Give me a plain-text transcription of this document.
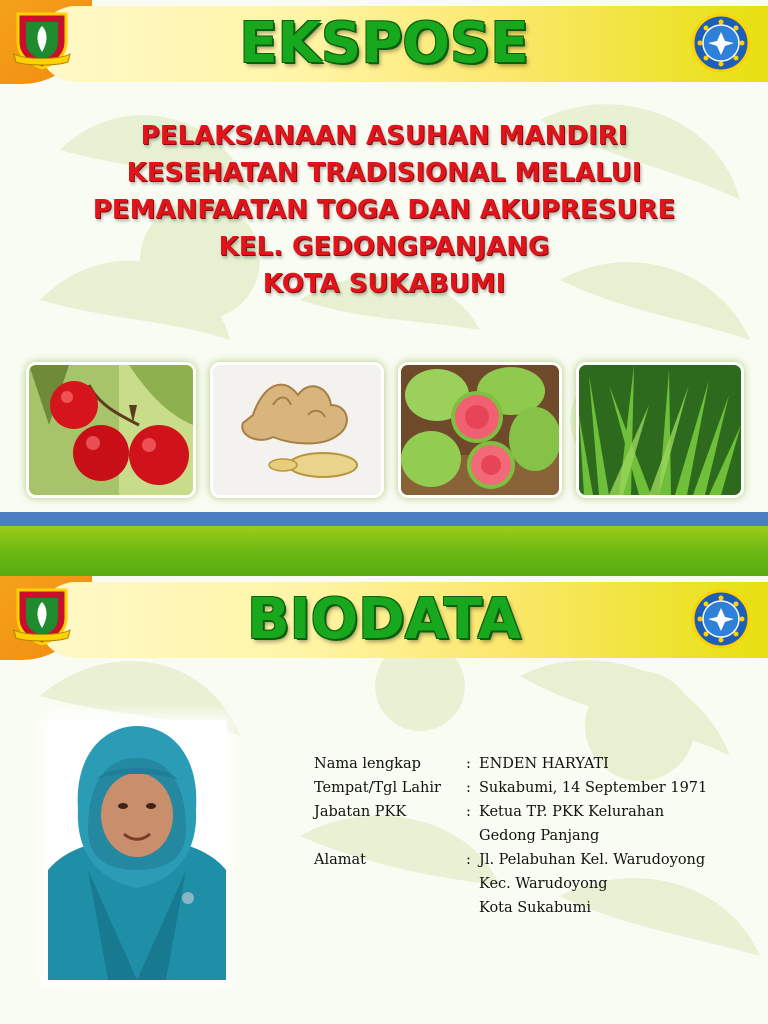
EKSPOSE
PELAKSANAAN ASUHAN MANDIRI
KESEHATAN TRADISIONAL MELALUI
PEMANFAATAN TOGA DAN AKUPRESURE
KEL. GEDONGPANJANG
KOTA SUKABUMI
BIODATA
Nama lengkap	: ENDEN HARYATI
Tempat/Tgl Lahir : Sukabumi, 14 September 1971
Jabatan PKK	: Ketua TP. PKK Kelurahan
Gedong Panjang
Alamat	: Jl. Pelabuhan Kel. Warudoyong
Kec. Warudoyong
Kota Sukabumi
